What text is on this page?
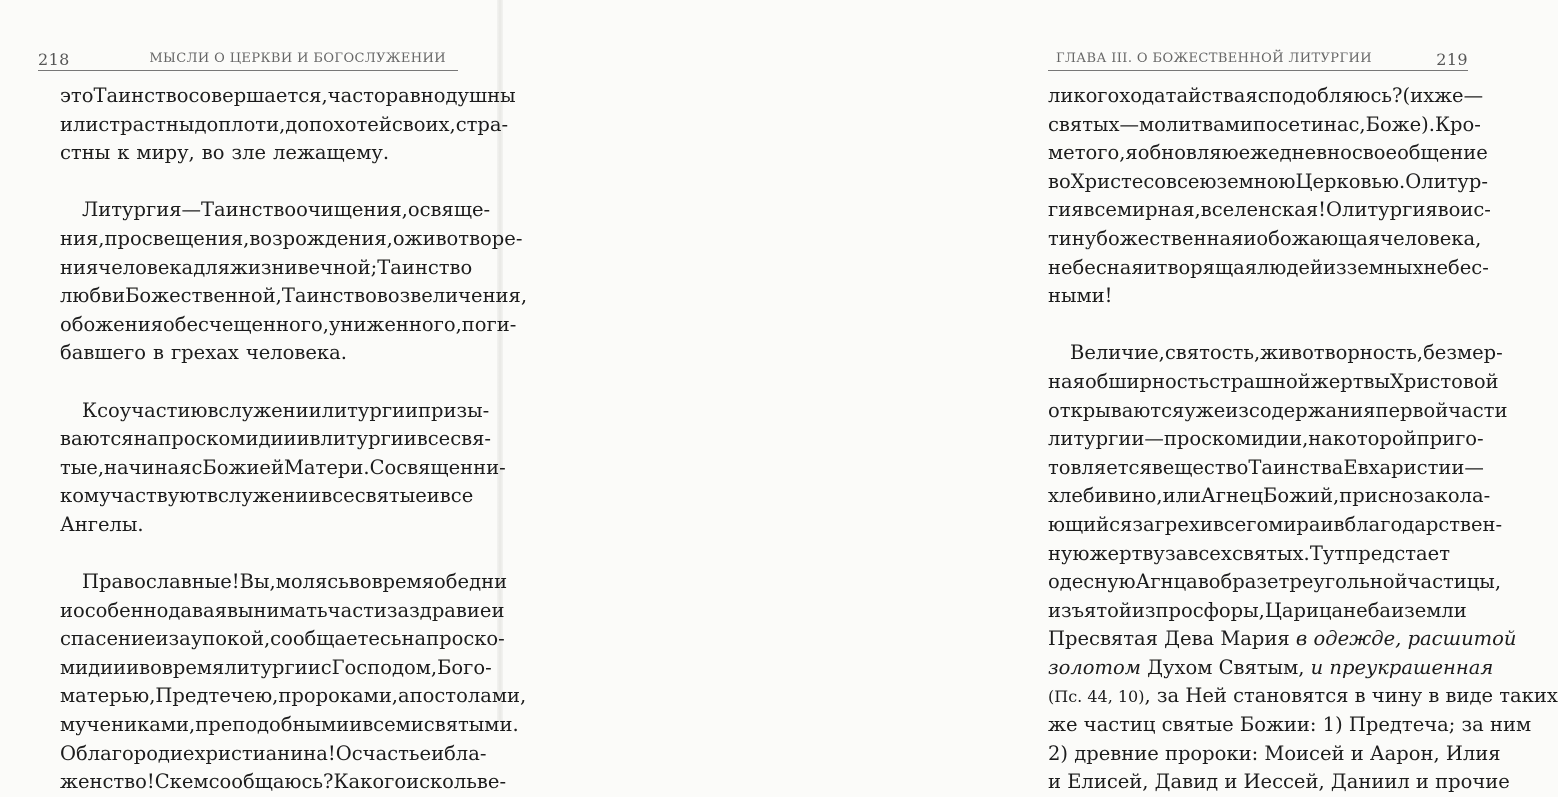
218	МЫСЛИ О ЦЕРКВИ И БОГОСЛУЖЕНИИ
это Таинство совершается, часто равнодушны
или страстны до плоти, до похотей своих, стра-
стны к миру, во зле лежащему.
Литургия — Таинство очищения, освяще-
ния, просвещения, возрождения, оживотворе-
ния человека для жизни вечной; Таинство
любви Божественной, Таинство возвеличения,
обожения обесчещенного, униженного, поги-
бавшего в грехах человека.
К соучастию в служении литургии призы-
ваются на проскомидии и в литургии все свя-
тые, начиная с Божией Матери. Со священни-
ком участвуют в служении все святые и все
Ангелы.
Православные! Вы, молясь во время обедни
и особенно давая вынимать части за здравие и
спасение и за упокой, сообщаетесь на проско-
мидии и во время литургии с Господом, Бого-
матерью, Предтечею, пророками, апостолами,
мучениками, преподобными и всеми святыми.
О благородие христианина! О счастье и бла-
женство! С кем сообщаюсь? Какого и сколь ве-
ГЛАВА III. О БОЖЕСТВЕННОЙ ЛИТУРГИИ	219
ликого ходатайства я сподобляюсь? (их же —
святых — молитвами посети нас, Боже). Кро-
ме того, я обновляю ежедневно свое общение
во Христе со всею земною Церковью. О литур-
гия всемирная, вселенская! О литургия воис-
тину божественная и обожающая человека,
небесная и творящая людей из земных небес-
ными!
Величие, святость, животворность, безмер-
ная обширность страшной жертвы Христовой
открываются уже из содержания первой части
литургии — проскомидии, на которой приго-
товляется вещество Таинства Евхаристии —
хлеб и вино, или Агнец Божий, присно закола-
ющийся за грехи всего мира и в благодарствен-
ную жертву за всех святых. Тут предстает
одесную Агнца в образе треугольной частицы,
изъятой из просфоры, Царица неба и земли
Пресвятая Дева Мария в одежде, расшитой
золотом Духом Святым, и преукрашенная
(Пс. 44, 10), за Ней становятся в чину в виде таких
же частиц святые Божии: 1) Предтеча; за ним
2) древние пророки: Моисей и Аарон, Илия
и Елисей, Давид и Иессей, Даниил и прочие
